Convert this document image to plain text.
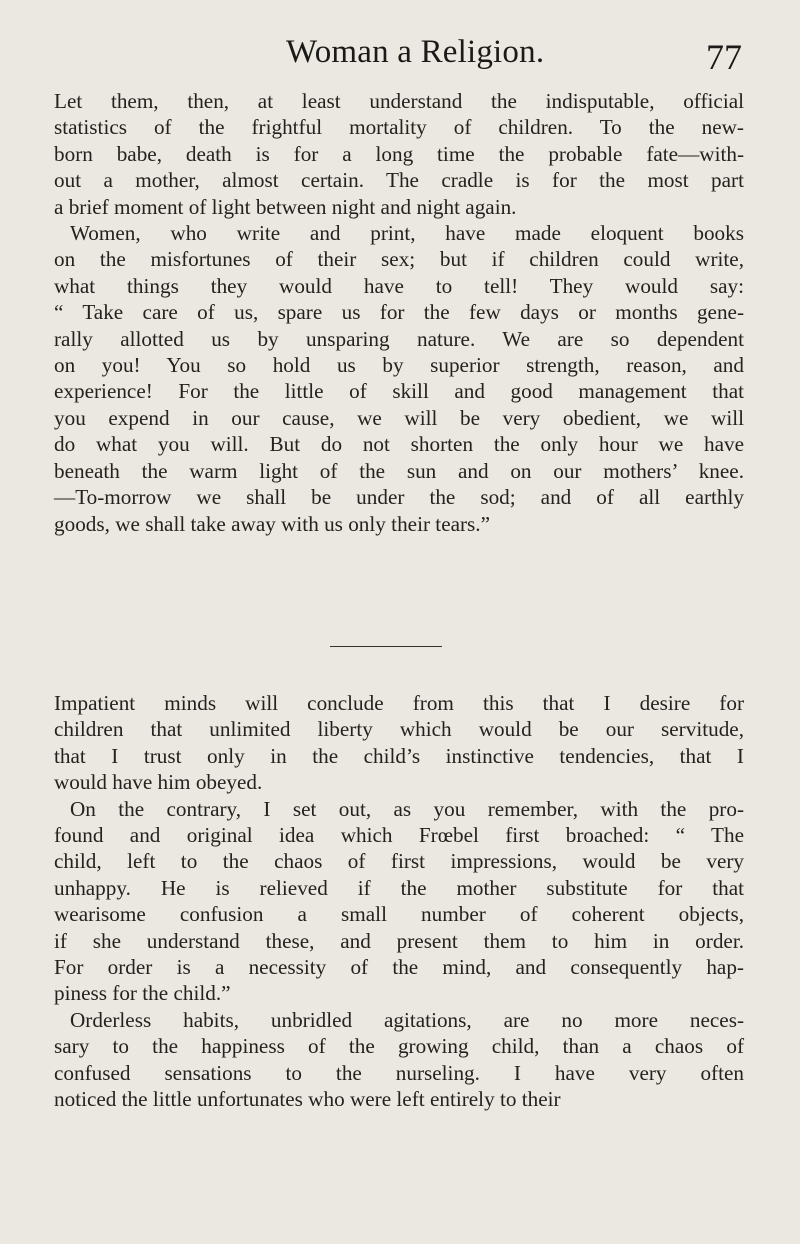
Woman a Religion.	77
Let them, then, at least understand the indisputable, official
statistics of the frightful mortality of children. To the new-
born babe, death is for a long time the probable fate—with-
out a mother, almost certain. The cradle is for the most part
a brief moment of light between night and night again.
Women, who write and print, have made eloquent books
on the misfortunes of their sex; but if children could write,
what things they would have to tell! They would say:
“ Take care of us, spare us for the few days or months gene-
rally allotted us by unsparing nature. We are so dependent
on you! You so hold us by superior strength, reason, and
experience! For the little of skill and good management that
you expend in our cause, we will be very obedient, we will
do what you will. But do not shorten the only hour we have
beneath the warm light of the sun and on our mothers’ knee.
—To-morrow we shall be under the sod; and of all earthly
goods, we shall take away with us only their tears.”
Impatient minds will conclude from this that I desire for
children that unlimited liberty which would be our servitude,
that I trust only in the child’s instinctive tendencies, that I
would have him obeyed.
On the contrary, I set out, as you remember, with the pro-
found and original idea which Frœbel first broached: “ The
child, left to the chaos of first impressions, would be very
unhappy. He is relieved if the mother substitute for that
wearisome confusion a small number of coherent objects,
if she understand these, and present them to him in order.
For order is a necessity of the mind, and consequently hap-
piness for the child.”
Orderless habits, unbridled agitations, are no more neces-
sary to the happiness of the growing child, than a chaos of
confused sensations to the nurseling. I have very often
noticed the little unfortunates who were left entirely to their
